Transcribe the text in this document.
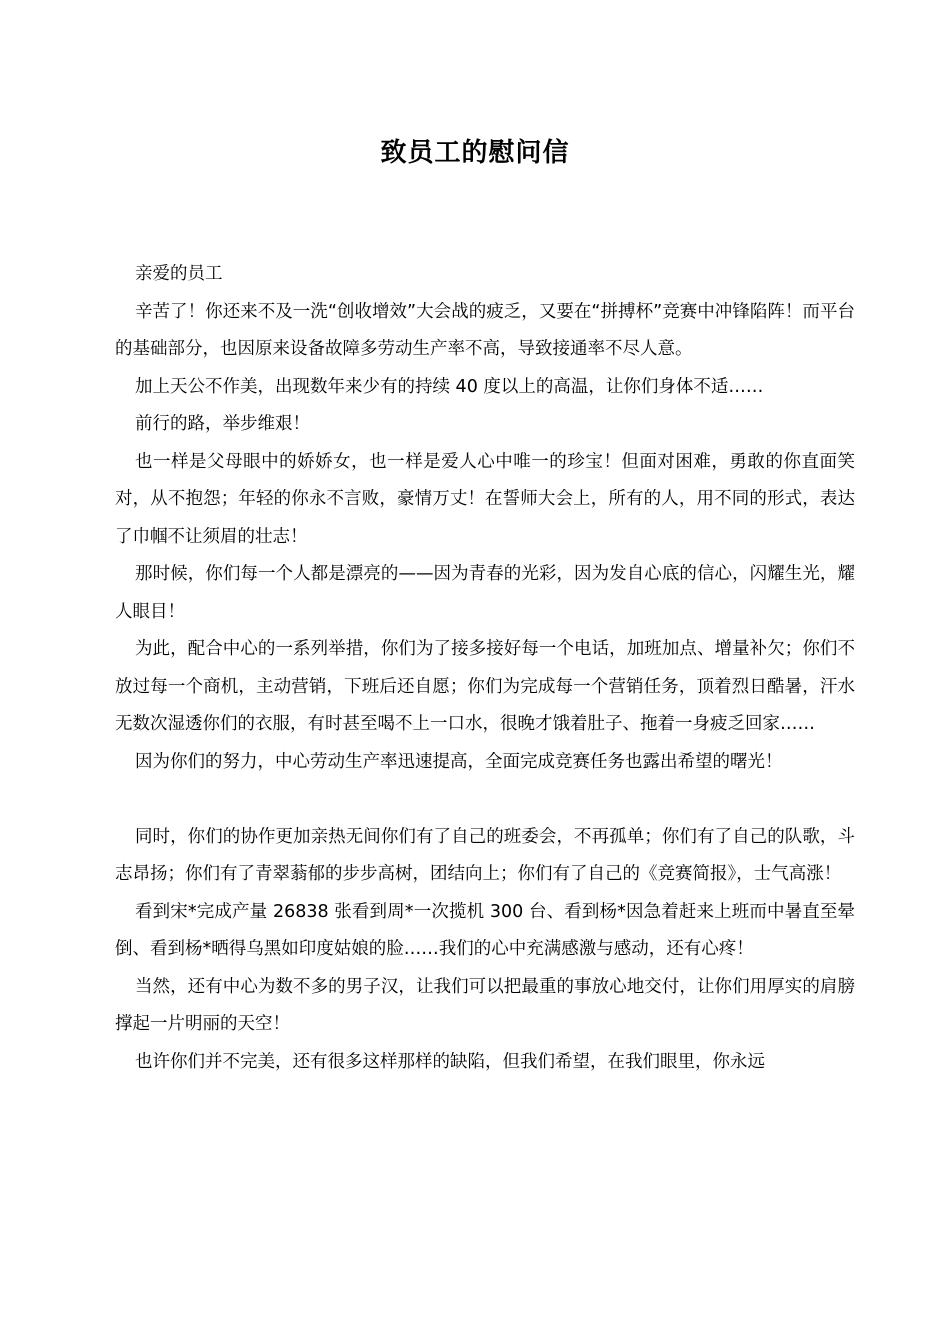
致员工的慰问信

亲爱的员工

辛苦了！你还来不及一洗“创收增效”大会战的疲乏，又要在“拼搏杯”竞赛中冲锋陷阵！而平台的基础部分，也因原来设备故障多劳动生产率不高，导致接通率不尽人意。

加上天公不作美，出现数年来少有的持续 40 度以上的高温，让你们身体不适……

前行的路，举步维艰！

也一样是父母眼中的娇娇女，也一样是爱人心中唯一的珍宝！但面对困难，勇敢的你直面笑对，从不抱怨；年轻的你永不言败，豪情万丈！在誓师大会上，所有的人，用不同的形式，表达了巾帼不让须眉的壮志！

那时候，你们每一个人都是漂亮的——因为青春的光彩，因为发自心底的信心，闪耀生光，耀人眼目！

为此，配合中心的一系列举措，你们为了接多接好每一个电话，加班加点、增量补欠；你们不放过每一个商机，主动营销，下班后还自愿；你们为完成每一个营销任务，顶着烈日酷暑，汗水无数次湿透你们的衣服，有时甚至喝不上一口水，很晚才饿着肚子、拖着一身疲乏回家……

因为你们的努力，中心劳动生产率迅速提高，全面完成竞赛任务也露出希望的曙光！

同时，你们的协作更加亲热无间你们有了自己的班委会，不再孤单；你们有了自己的队歌，斗志昂扬；你们有了青翠蓊郁的步步高树，团结向上；你们有了自己的《竞赛简报》，士气高涨！

看到宋*完成产量 26838 张看到周*一次揽机 300 台、看到杨*因急着赶来上班而中暑直至晕倒、看到杨*晒得乌黑如印度姑娘的脸……我们的心中充满感激与感动，还有心疼！

当然，还有中心为数不多的男子汉，让我们可以把最重的事放心地交付，让你们用厚实的肩膀撑起一片明丽的天空！

也许你们并不完美，还有很多这样那样的缺陷，但我们希望，在我们眼里，你永远
